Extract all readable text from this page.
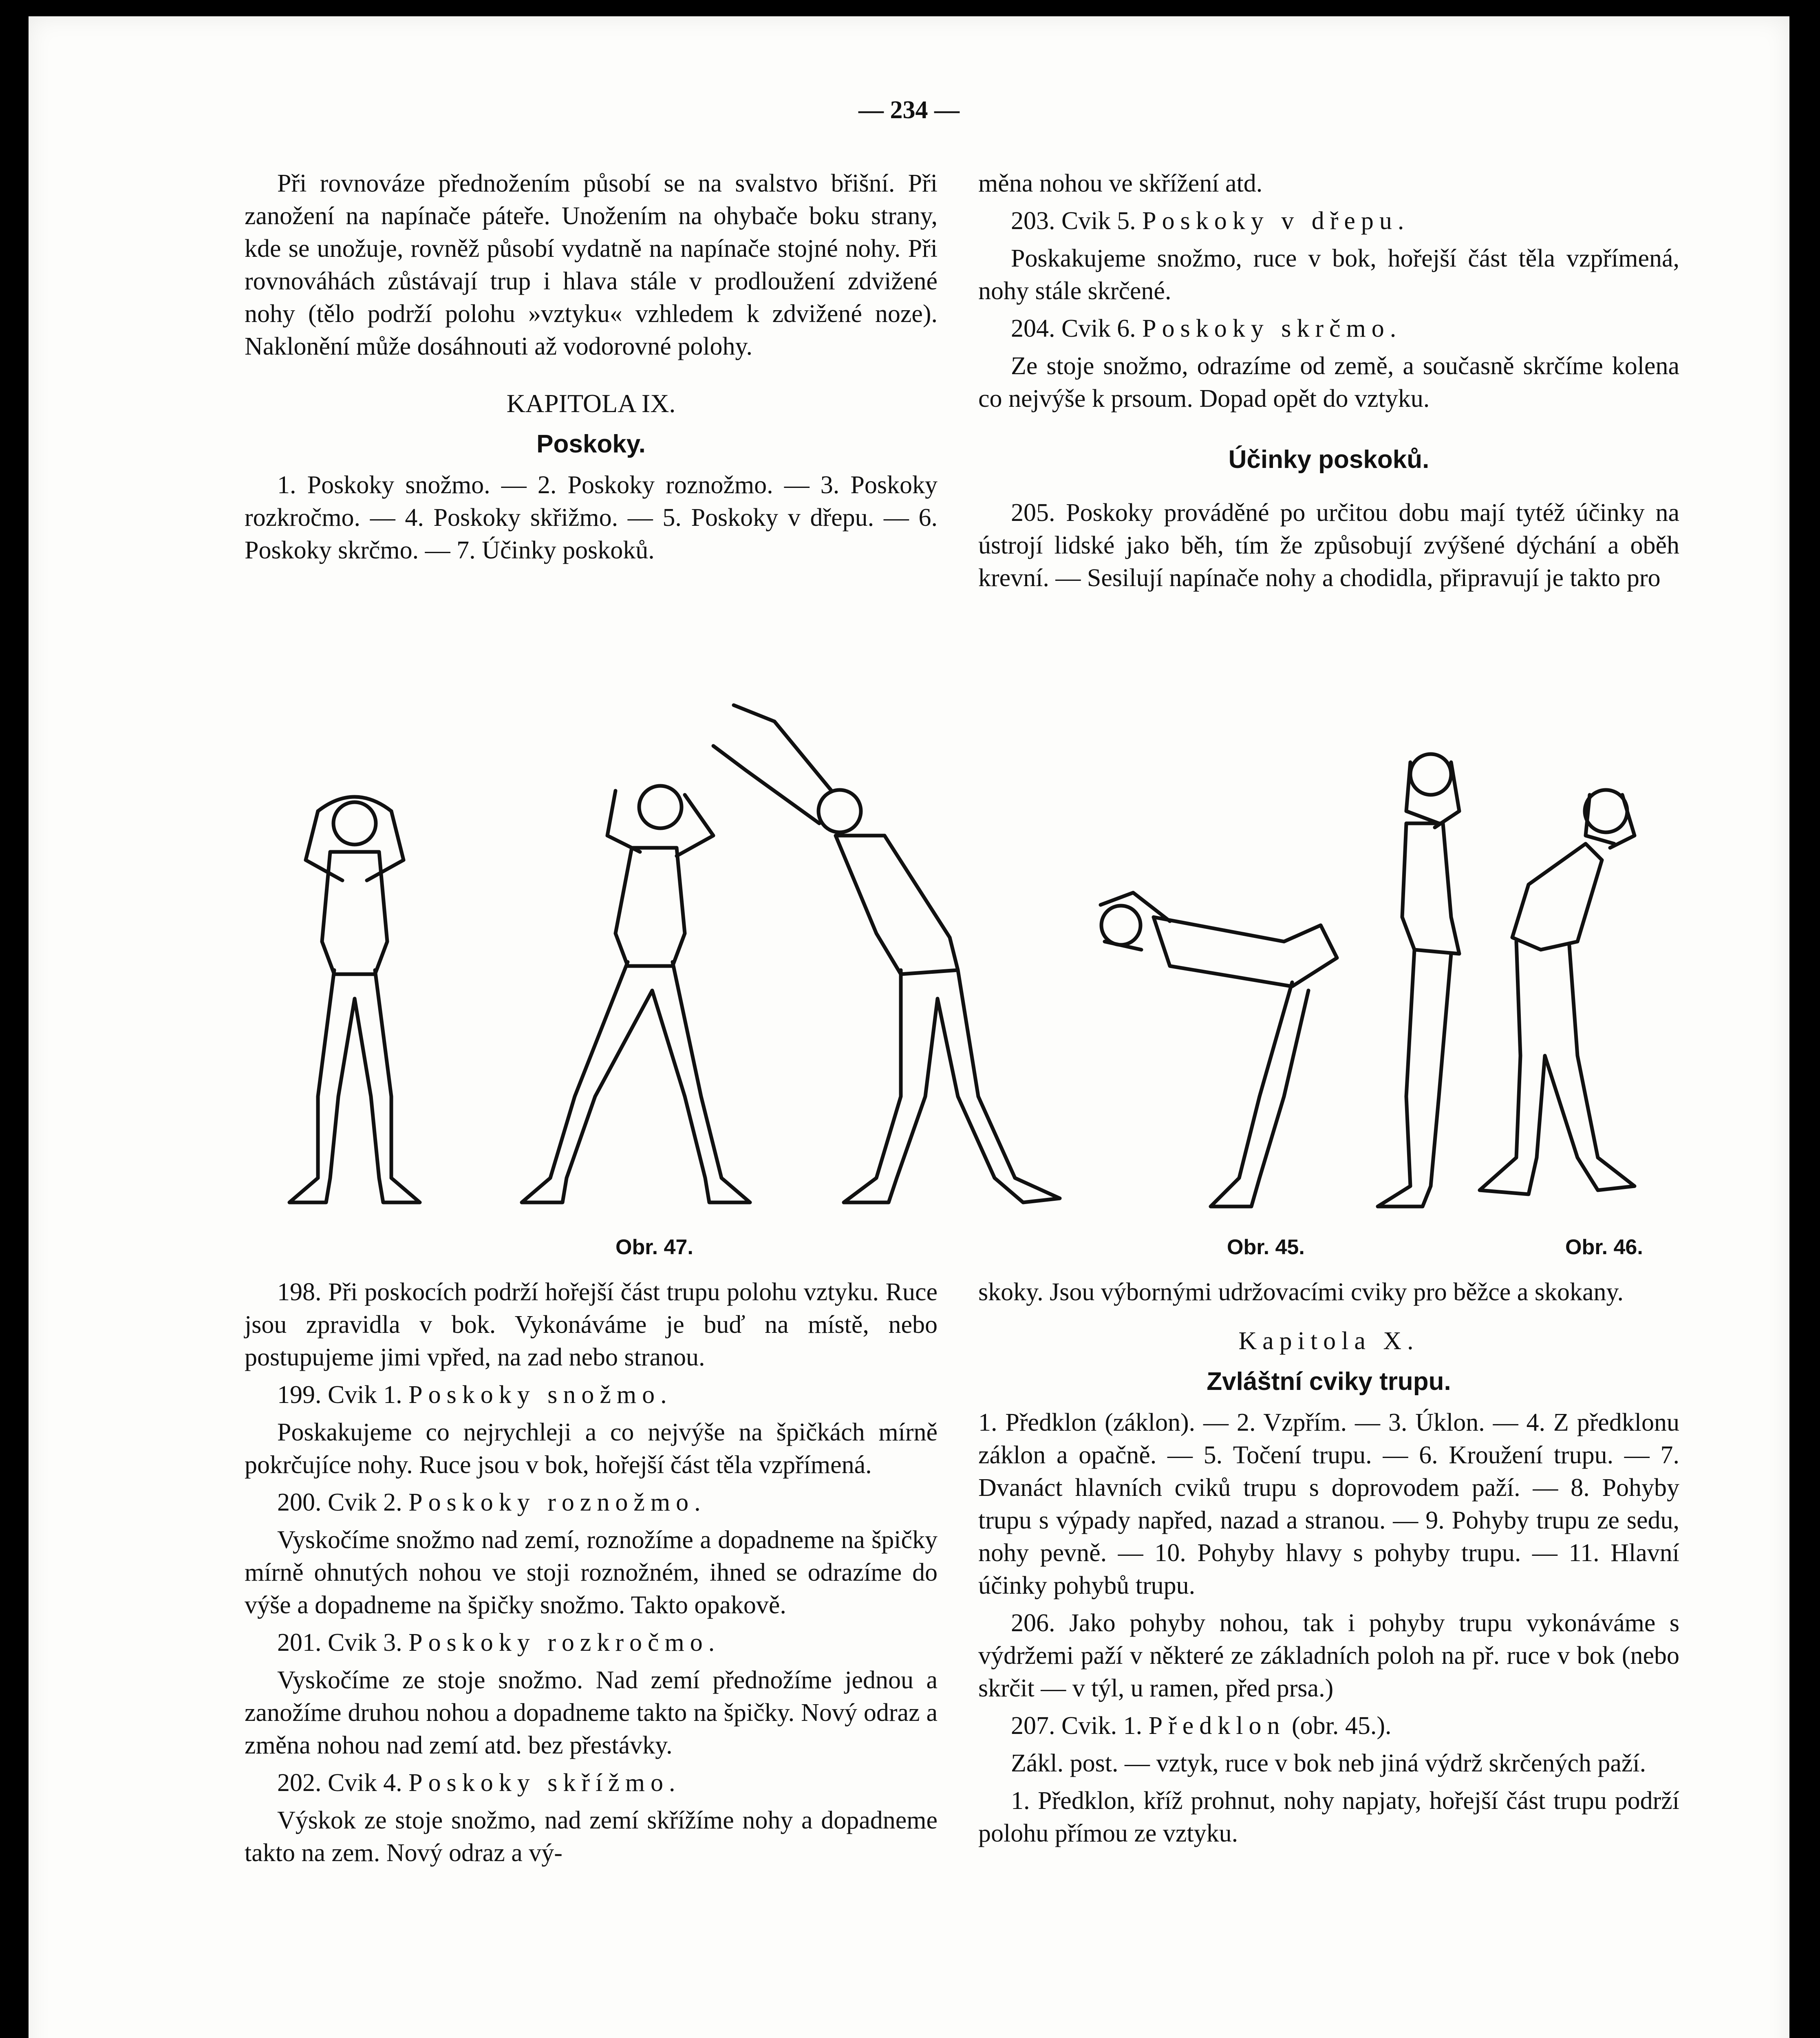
— 234 —

Při rovnováze přednožením působí se na svalstvo břišní. Při zanožení na napínače páteře. Unožením na ohybače boku strany, kde se unožuje, rovněž působí vydatně na napínače stojné nohy. Při rovnováhách zůstávají trup i hlava stále v prodloužení zdvižené nohy (tělo podrží polohu »vztyku« vzhledem k zdvižené noze). Naklonění může dosáhnouti až vodorovné polohy.

KAPITOLA IX.
Poskoky.

1. Poskoky snožmo. — 2. Poskoky roznožmo. — 3. Poskoky rozkročmo. — 4. Poskoky skřižmo. — 5. Poskoky v dřepu. — 6. Poskoky skrčmo. — 7. Účinky poskoků.

měna nohou ve skřížení atd.

203. Cvik 5. Poskoky v dřepu.

Poskakujeme snožmo, ruce v bok, hořejší část těla vzpřímená, nohy stále skrčené.

204. Cvik 6. Poskoky skrčmo.

Ze stoje snožmo, odrazíme od země, a současně skrčíme kolena co nejvýše k prsoum. Dopad opět do vztyku.

Účinky poskoků.

205. Poskoky prováděné po určitou dobu mají tytéž účinky na ústrojí lidské jako běh, tím že způsobují zvýšené dýchání a oběh krevní. — Sesilují napínače nohy a chodidla, připravují je takto pro

Obr. 47.	Obr. 45.	Obr. 46.

198. Při poskocích podrží hořejší část trupu polohu vztyku. Ruce jsou zpravidla v bok. Vykonáváme je buď na místě, nebo postupujeme jimi vpřed, na zad nebo stranou.

199. Cvik 1. Poskoky snožmo.

Poskakujeme co nejrychleji a co nejvýše na špičkách mírně pokrčujíce nohy. Ruce jsou v bok, hořejší část těla vzpřímená.

200. Cvik 2. Poskoky roznožmo.

Vyskočíme snožmo nad zemí, roznožíme a dopadneme na špičky mírně ohnutých nohou ve stoji roznožném, ihned se odrazíme do výše a dopadneme na špičky snožmo. Takto opakově.

201. Cvik 3. Poskoky rozkročmo.

Vyskočíme ze stoje snožmo. Nad zemí přednožíme jednou a zanožíme druhou nohou a dopadneme takto na špičky. Nový odraz a změna nohou nad zemí atd. bez přestávky.

202. Cvik 4. Poskoky skřížmo.

Výskok ze stoje snožmo, nad zemí skřížíme nohy a dopadneme takto na zem. Nový odraz a vý-

skoky. Jsou výbornými udržovacími cviky pro běžce a skokany.

Kapitola X.
Zvláštní cviky trupu.

1. Předklon (záklon). — 2. Vzpřím. — 3. Úklon. — 4. Z předklonu záklon a opačně. — 5. Točení trupu. — 6. Kroužení trupu. — 7. Dvanáct hlavních cviků trupu s doprovodem paží. — 8. Pohyby trupu s výpady napřed, nazad a stranou. — 9. Pohyby trupu ze sedu, nohy pevně. — 10. Pohyby hlavy s pohyby trupu. — 11. Hlavní účinky pohybů trupu.

206. Jako pohyby nohou, tak i pohyby trupu vykonáváme s výdržemi paží v některé ze základních poloh na př. ruce v bok (nebo skrčit — v týl, u ramen, před prsa.)

207. Cvik. 1. Předklon (obr. 45.).

Zákl. post. — vztyk, ruce v bok neb jiná výdrž skrčených paží.

1. Předklon, kříž prohnut, nohy napjaty, hořejší část trupu podrží polohu přímou ze vztyku.
